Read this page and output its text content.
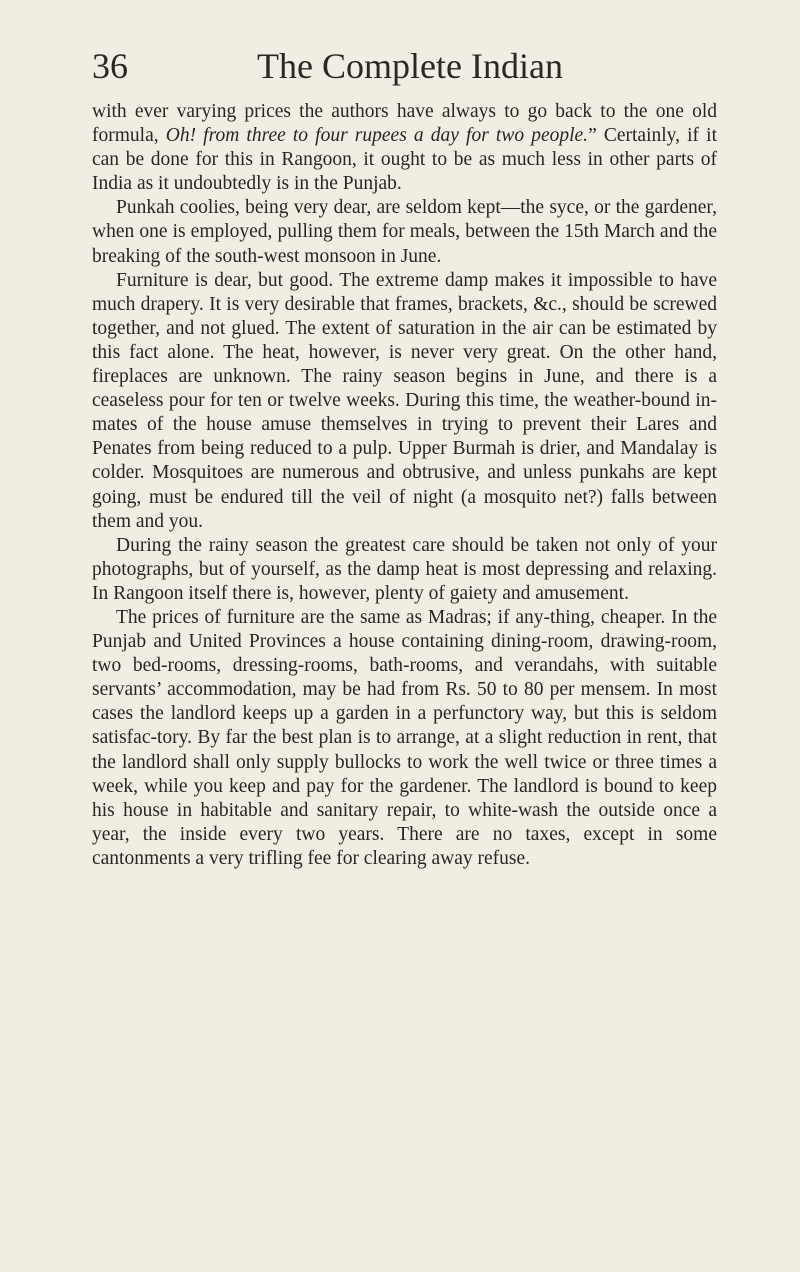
36	The Complete Indian

with ever varying prices the authors have always to go back to the one old formula, Oh! from three to four rupees a day for two people.” Certainly, if it can be done for this in Rangoon, it ought to be as much less in other parts of India as it undoubtedly is in the Punjab.

Punkah coolies, being very dear, are seldom kept—the syce, or the gardener, when one is employed, pulling them for meals, between the 15th March and the breaking of the south-west monsoon in June.

Furniture is dear, but good. The extreme damp makes it impossible to have much drapery. It is very desirable that frames, brackets, &c., should be screwed together, and not glued. The extent of saturation in the air can be estimated by this fact alone. The heat, however, is never very great. On the other hand, fireplaces are unknown. The rainy season begins in June, and there is a ceaseless pour for ten or twelve weeks. During this time, the weather-bound in-mates of the house amuse themselves in trying to prevent their Lares and Penates from being reduced to a pulp. Upper Burmah is drier, and Mandalay is colder. Mosquitoes are numerous and obtrusive, and unless punkahs are kept going, must be endured till the veil of night (a mosquito net?) falls between them and you.

During the rainy season the greatest care should be taken not only of your photographs, but of yourself, as the damp heat is most depressing and relaxing. In Rangoon itself there is, however, plenty of gaiety and amusement.

The prices of furniture are the same as Madras; if any-thing, cheaper. In the Punjab and United Provinces a house containing dining-room, drawing-room, two bed-rooms, dressing-rooms, bath-rooms, and verandahs, with suitable servants’ accommodation, may be had from Rs. 50 to 80 per mensem. In most cases the landlord keeps up a garden in a perfunctory way, but this is seldom satisfac-tory. By far the best plan is to arrange, at a slight reduction in rent, that the landlord shall only supply bullocks to work the well twice or three times a week, while you keep and pay for the gardener. The landlord is bound to keep his house in habitable and sanitary repair, to white-wash the outside once a year, the inside every two years. There are no taxes, except in some cantonments a very trifling fee for clearing away refuse.
